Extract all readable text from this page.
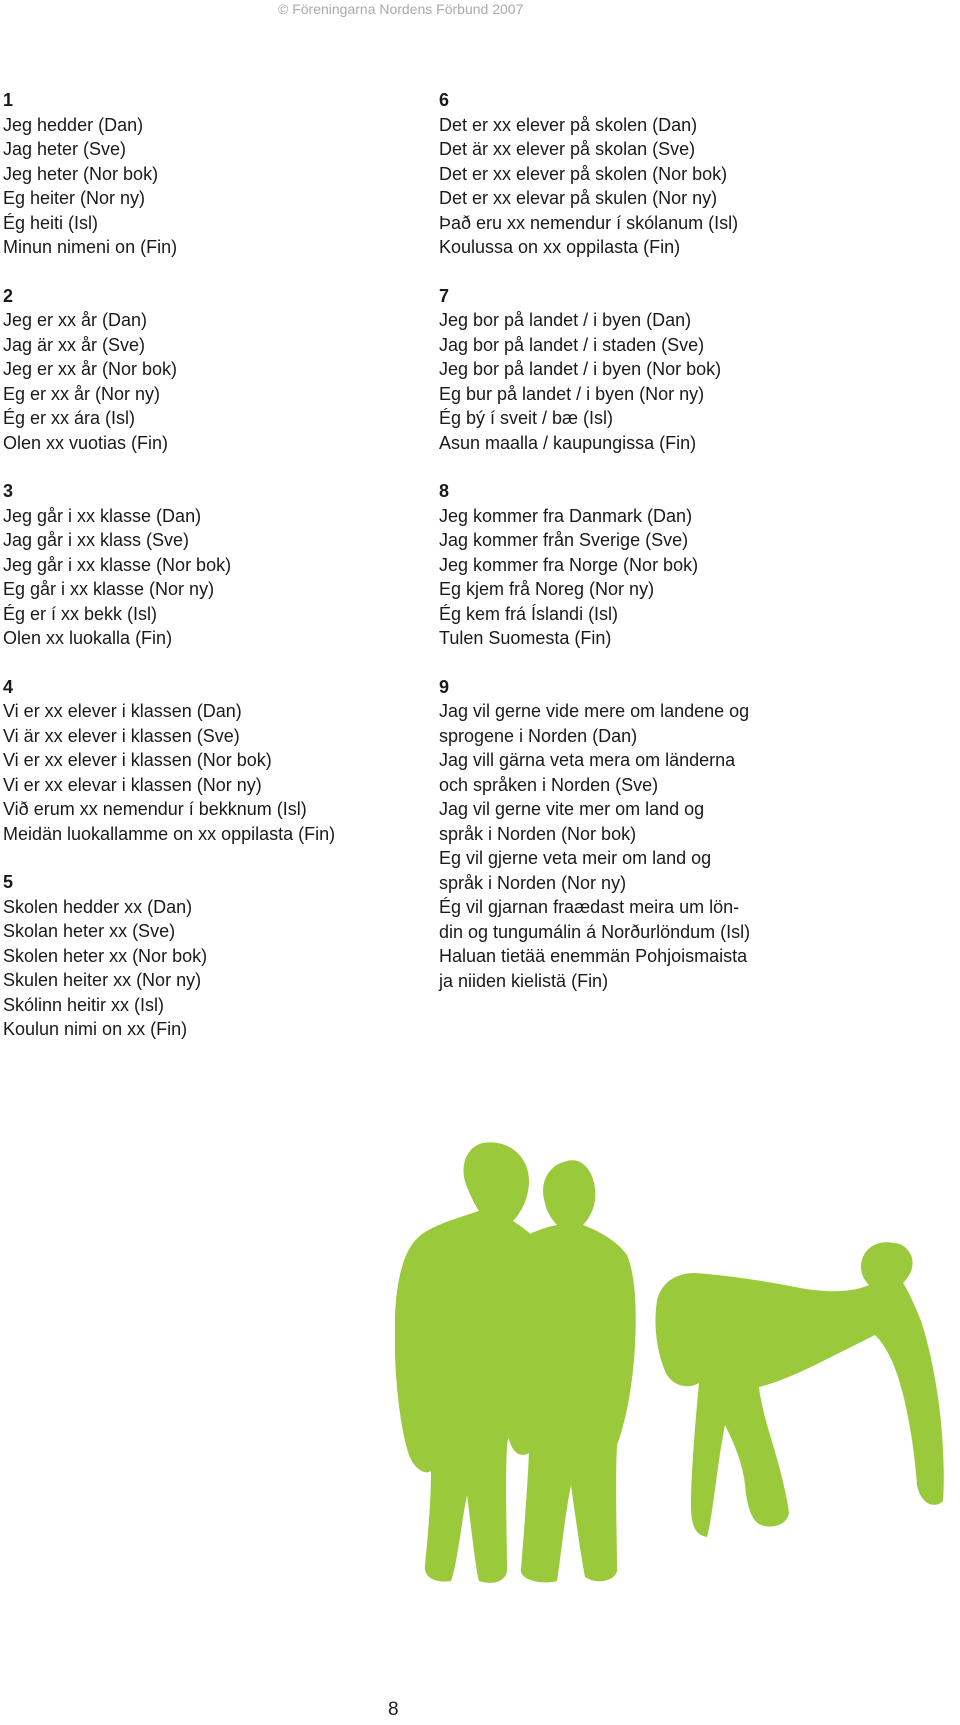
© Föreningarna Nordens Förbund 2007
1
Jeg hedder (Dan)
Jag heter (Sve)
Jeg heter (Nor bok)
Eg heiter (Nor ny)
Ég heiti (Isl)
Minun nimeni on (Fin)
2
Jeg er xx år (Dan)
Jag är xx år (Sve)
Jeg er xx år (Nor bok)
Eg er xx år (Nor ny)
Ég er xx ára (Isl)
Olen xx vuotias (Fin)
3
Jeg går i xx klasse (Dan)
Jag går i xx klass (Sve)
Jeg går i xx klasse (Nor bok)
Eg går i xx klasse (Nor ny)
Ég er í xx bekk (Isl)
Olen xx luokalla (Fin)
4
Vi er xx elever i klassen (Dan)
Vi är xx elever i klassen (Sve)
Vi er xx elever i klassen (Nor bok)
Vi er xx elevar i klassen (Nor ny)
Við erum xx nemendur í bekknum (Isl)
Meidän luokallamme on xx oppilasta (Fin)
5
Skolen hedder xx (Dan)
Skolan heter xx (Sve)
Skolen heter xx (Nor bok)
Skulen heiter xx (Nor ny)
Skólinn heitir xx (Isl)
Koulun nimi on xx (Fin)
6
Det er xx elever på skolen (Dan)
Det är xx elever på skolan (Sve)
Det er xx elever på skolen (Nor bok)
Det er xx elevar på skulen (Nor ny)
Það eru xx nemendur í skólanum (Isl)
Koulussa on xx oppilasta (Fin)
7
Jeg bor på landet / i byen (Dan)
Jag bor på landet / i staden (Sve)
Jeg bor på landet / i byen (Nor bok)
Eg bur på landet / i byen (Nor ny)
Ég bý í sveit / bæ (Isl)
Asun maalla / kaupungissa (Fin)
8
Jeg kommer fra Danmark (Dan)
Jag kommer från Sverige (Sve)
Jeg kommer fra Norge (Nor bok)
Eg kjem frå Noreg (Nor ny)
Ég kem frá Íslandi (Isl)
Tulen Suomesta (Fin)
9
Jag vil gerne vide mere om landene og
sprogene i Norden (Dan)
Jag vill gärna veta mera om länderna
och språken i Norden (Sve)
Jag vil gerne vite mer om land og
språk i Norden (Nor bok)
Eg vil gjerne veta meir om land og
språk i Norden (Nor ny)
Ég vil gjarnan fraædast meira um lön-
din og tungumálin á Norðurlöndum (Isl)
Haluan tietää enemmän Pohjoismaista
ja niiden kielistä (Fin)
8
